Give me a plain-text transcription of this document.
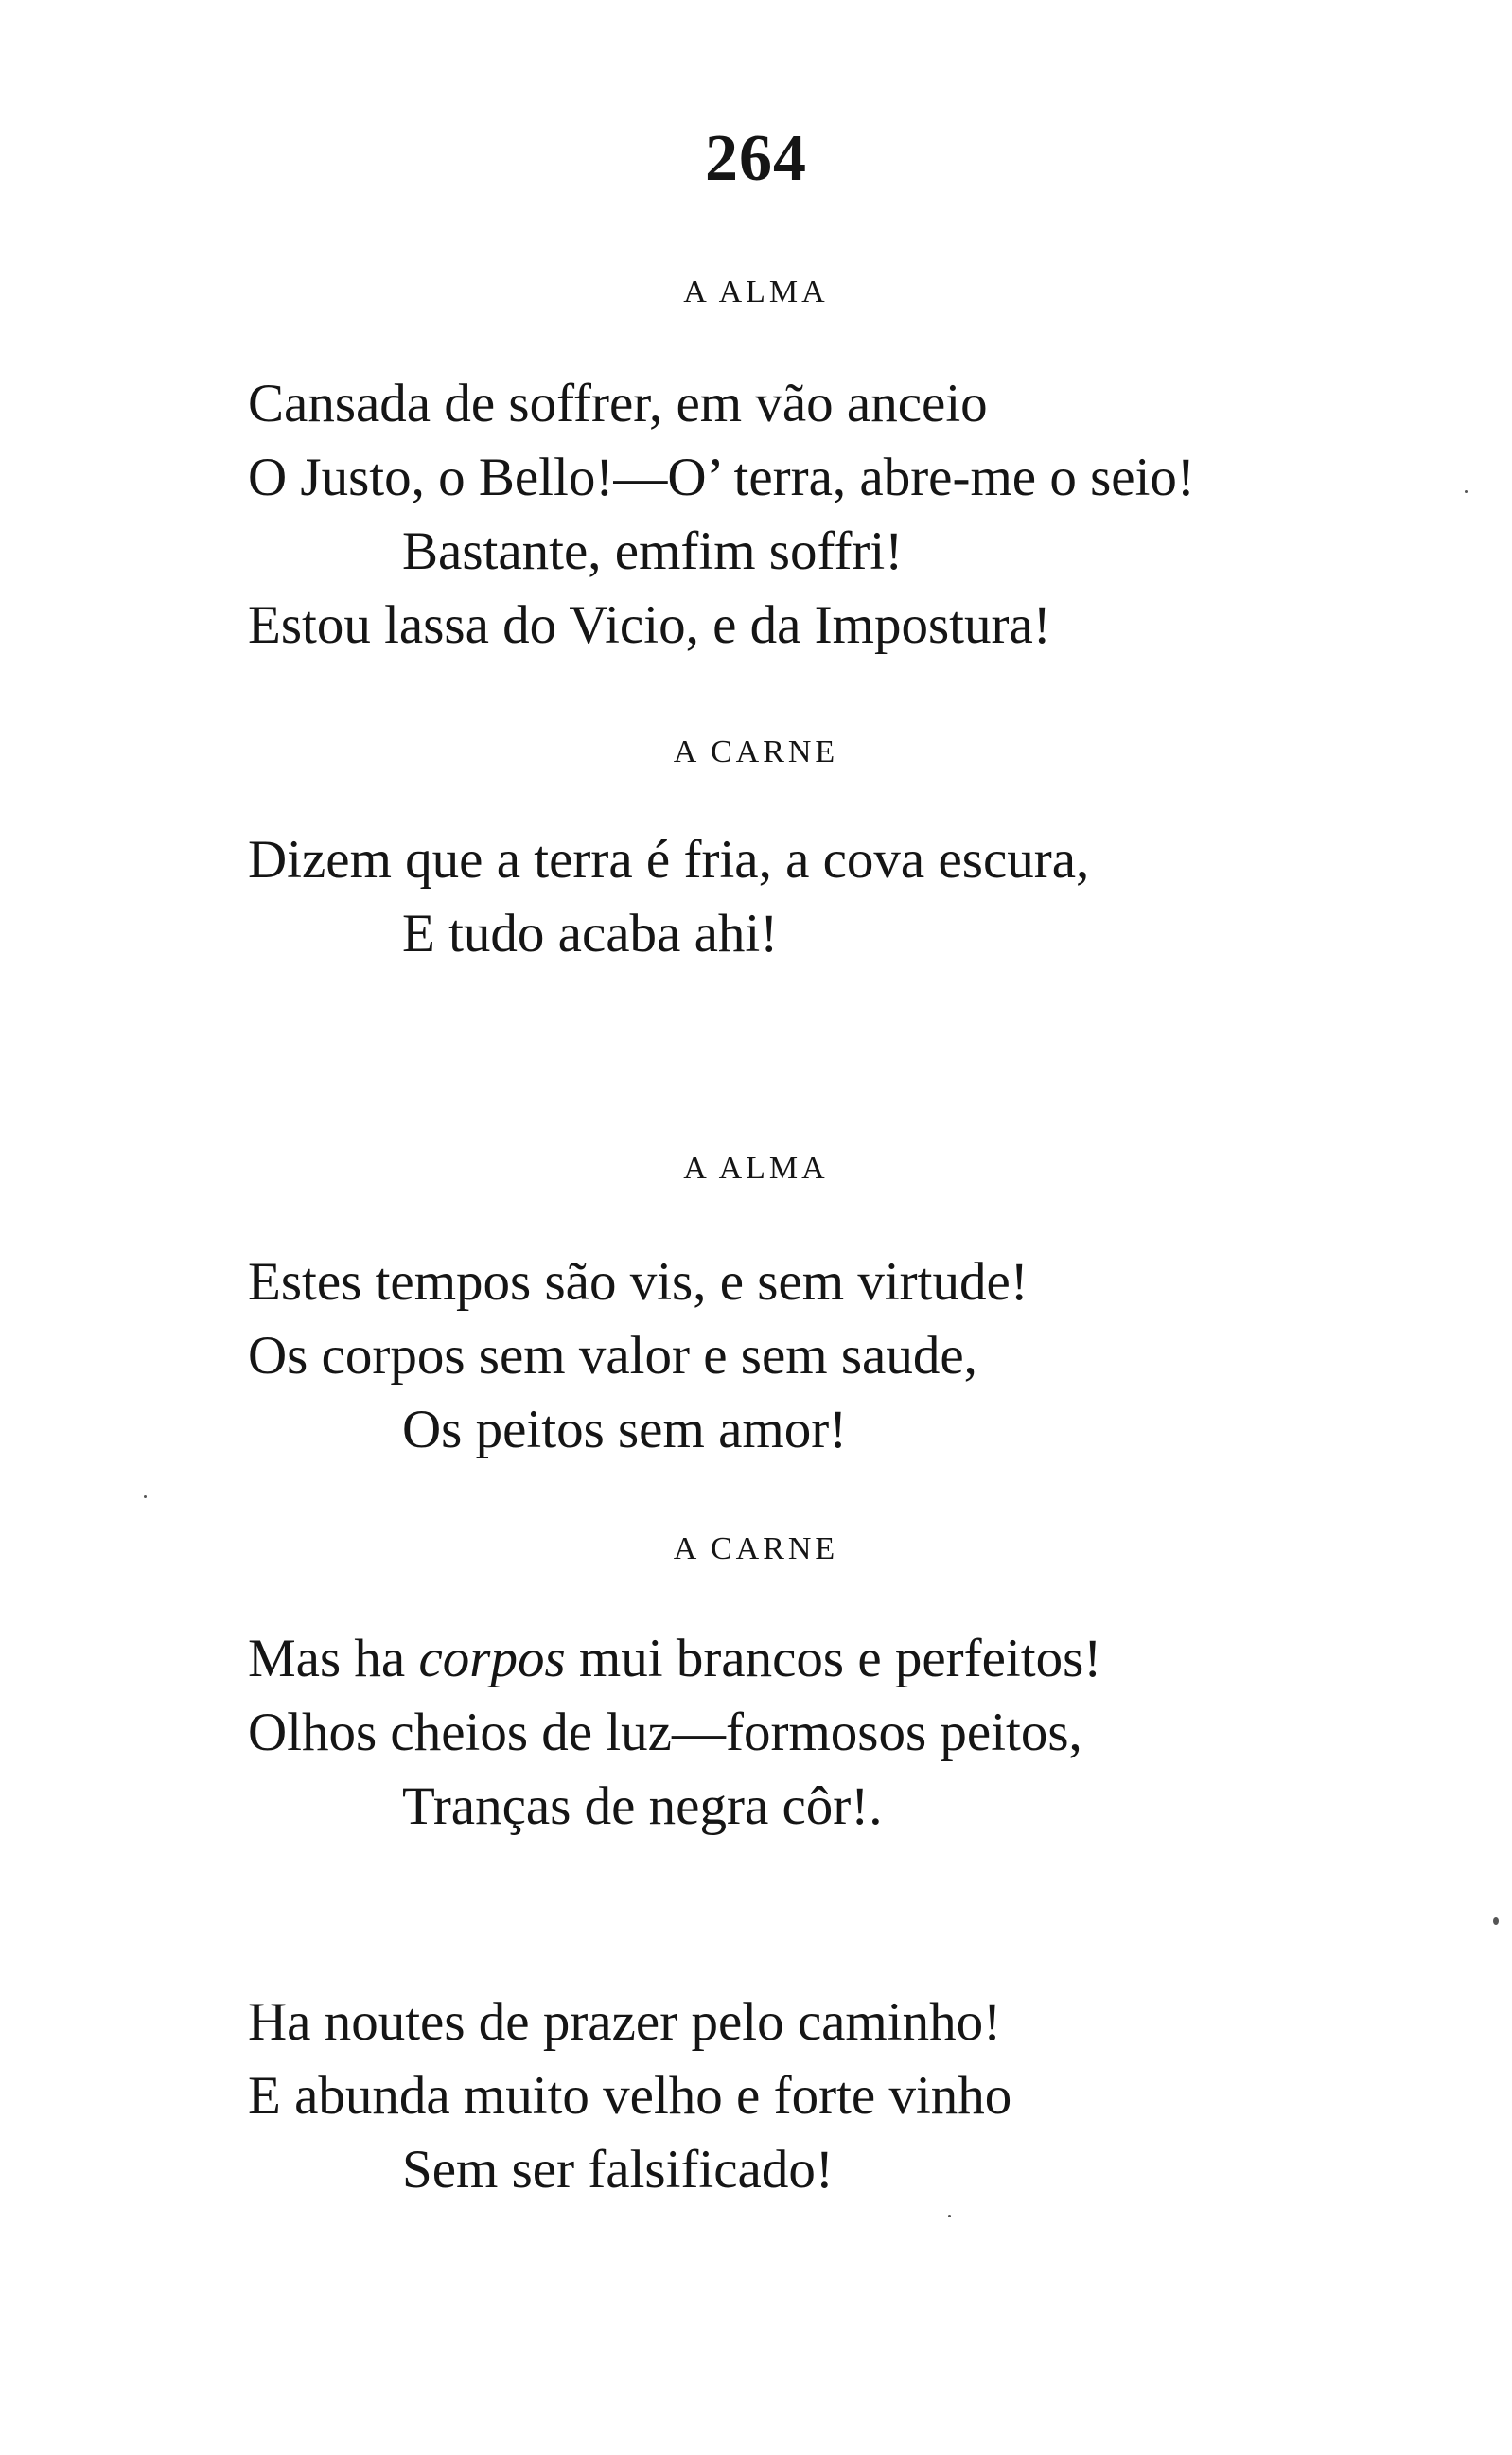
264
A ALMA
Cansada de soffrer, em vão anceio
O Justo, o Bello!—O’ terra, abre-me o seio!
Bastante, emfim soffri!
Estou lassa do Vicio, e da Impostura!
A CARNE
Dizem que a terra é fria, a cova escura,
E tudo acaba ahi!
A ALMA
Estes tempos são vis, e sem virtude!
Os corpos sem valor e sem saude,
Os peitos sem amor!
A CARNE
Mas ha corpos mui brancos e perfeitos!
Olhos cheios de luz—formosos peitos,
Tranças de negra côr!.
Ha noutes de prazer pelo caminho!
E abunda muito velho e forte vinho
Sem ser falsificado!
